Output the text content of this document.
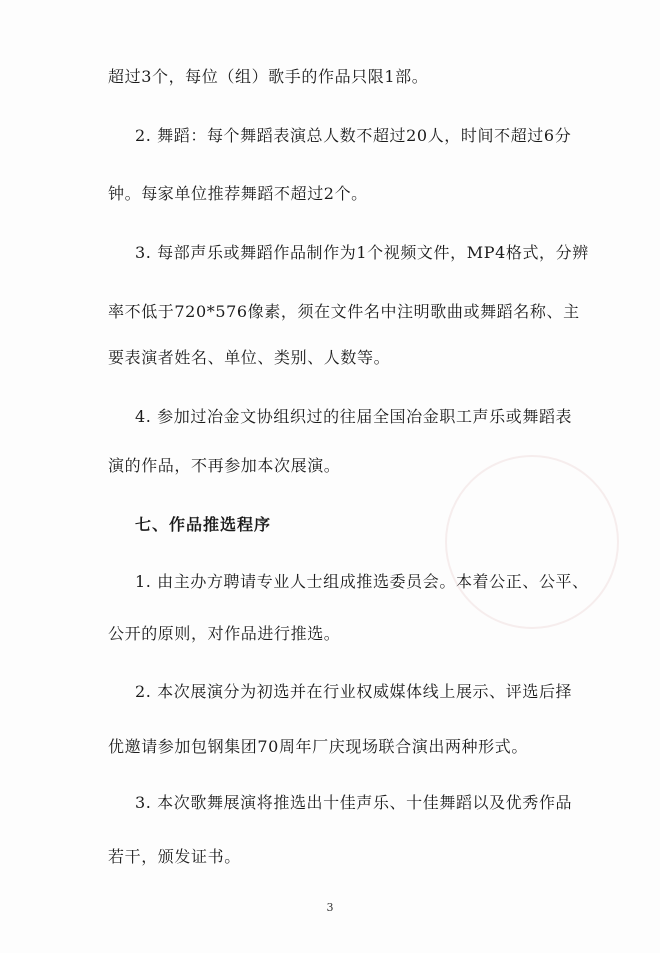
超过3个，每位（组）歌手的作品只限1部。
2. 舞蹈：每个舞蹈表演总人数不超过20人，时间不超过6分
钟。每家单位推荐舞蹈不超过2个。
3. 每部声乐或舞蹈作品制作为1个视频文件，MP4格式，分辨
率不低于720*576像素，须在文件名中注明歌曲或舞蹈名称、主
要表演者姓名、单位、类别、人数等。
4. 参加过冶金文协组织过的往届全国冶金职工声乐或舞蹈表
演的作品，不再参加本次展演。
七、作品推选程序
1. 由主办方聘请专业人士组成推选委员会。本着公正、公平、
公开的原则，对作品进行推选。
2. 本次展演分为初选并在行业权威媒体线上展示、评选后择
优邀请参加包钢集团70周年厂庆现场联合演出两种形式。
3. 本次歌舞展演将推选出十佳声乐、十佳舞蹈以及优秀作品
若干，颁发证书。
3
